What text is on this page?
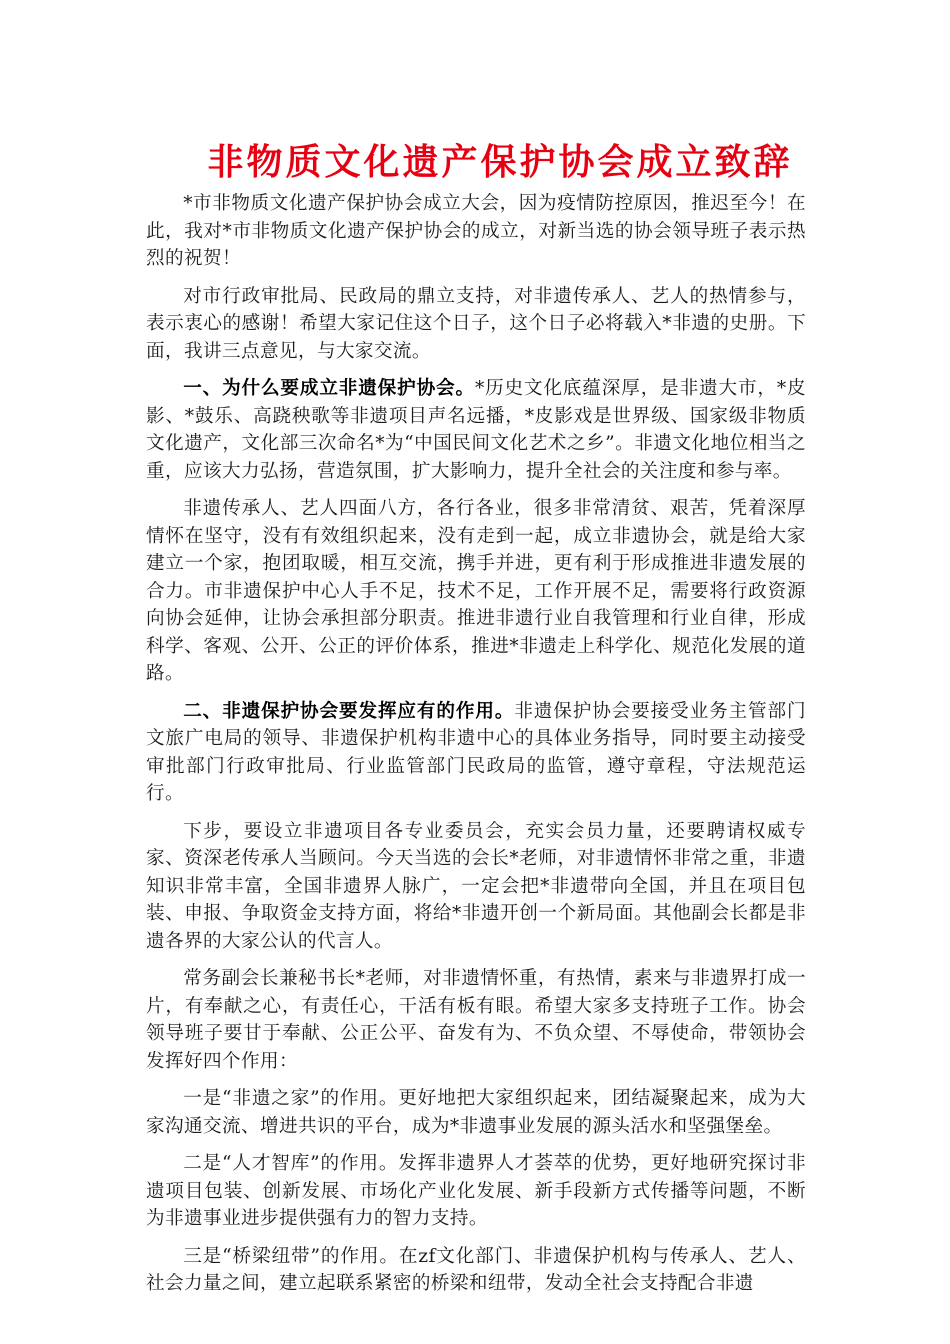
非物质文化遗产保护协会成立致辞

*市非物质文化遗产保护协会成立大会，因为疫情防控原因，推迟至今！在此，我对*市非物质文化遗产保护协会的成立，对新当选的协会领导班子表示热烈的祝贺！

对市行政审批局、民政局的鼎立支持，对非遗传承人、艺人的热情参与，表示衷心的感谢！希望大家记住这个日子，这个日子必将载入*非遗的史册。下面，我讲三点意见，与大家交流。

一、为什么要成立非遗保护协会。*历史文化底蕴深厚，是非遗大市，*皮影、*鼓乐、高跷秧歌等非遗项目声名远播，*皮影戏是世界级、国家级非物质文化遗产，文化部三次命名*为“中国民间文化艺术之乡”。非遗文化地位相当之重，应该大力弘扬，营造氛围，扩大影响力，提升全社会的关注度和参与率。

非遗传承人、艺人四面八方，各行各业，很多非常清贫、艰苦，凭着深厚情怀在坚守，没有有效组织起来，没有走到一起，成立非遗协会，就是给大家建立一个家，抱团取暖，相互交流，携手并进，更有利于形成推进非遗发展的合力。市非遗保护中心人手不足，技术不足，工作开展不足，需要将行政资源向协会延伸，让协会承担部分职责。推进非遗行业自我管理和行业自律，形成科学、客观、公开、公正的评价体系，推进*非遗走上科学化、规范化发展的道路。

二、非遗保护协会要发挥应有的作用。非遗保护协会要接受业务主管部门文旅广电局的领导、非遗保护机构非遗中心的具体业务指导，同时要主动接受审批部门行政审批局、行业监管部门民政局的监管，遵守章程，守法规范运行。

下步，要设立非遗项目各专业委员会，充实会员力量，还要聘请权威专家、资深老传承人当顾问。今天当选的会长*老师，对非遗情怀非常之重，非遗知识非常丰富，全国非遗界人脉广，一定会把*非遗带向全国，并且在项目包装、申报、争取资金支持方面，将给*非遗开创一个新局面。其他副会长都是非遗各界的大家公认的代言人。

常务副会长兼秘书长*老师，对非遗情怀重，有热情，素来与非遗界打成一片，有奉献之心，有责任心，干活有板有眼。希望大家多支持班子工作。协会领导班子要甘于奉献、公正公平、奋发有为、不负众望、不辱使命，带领协会发挥好四个作用：

一是“非遗之家”的作用。更好地把大家组织起来，团结凝聚起来，成为大家沟通交流、增进共识的平台，成为*非遗事业发展的源头活水和坚强堡垒。

二是“人才智库”的作用。发挥非遗界人才荟萃的优势，更好地研究探讨非遗项目包装、创新发展、市场化产业化发展、新手段新方式传播等问题，不断为非遗事业进步提供强有力的智力支持。

三是“桥梁纽带”的作用。在zf文化部门、非遗保护机构与传承人、艺人、社会力量之间，建立起联系紧密的桥梁和纽带，发动全社会支持配合非遗
